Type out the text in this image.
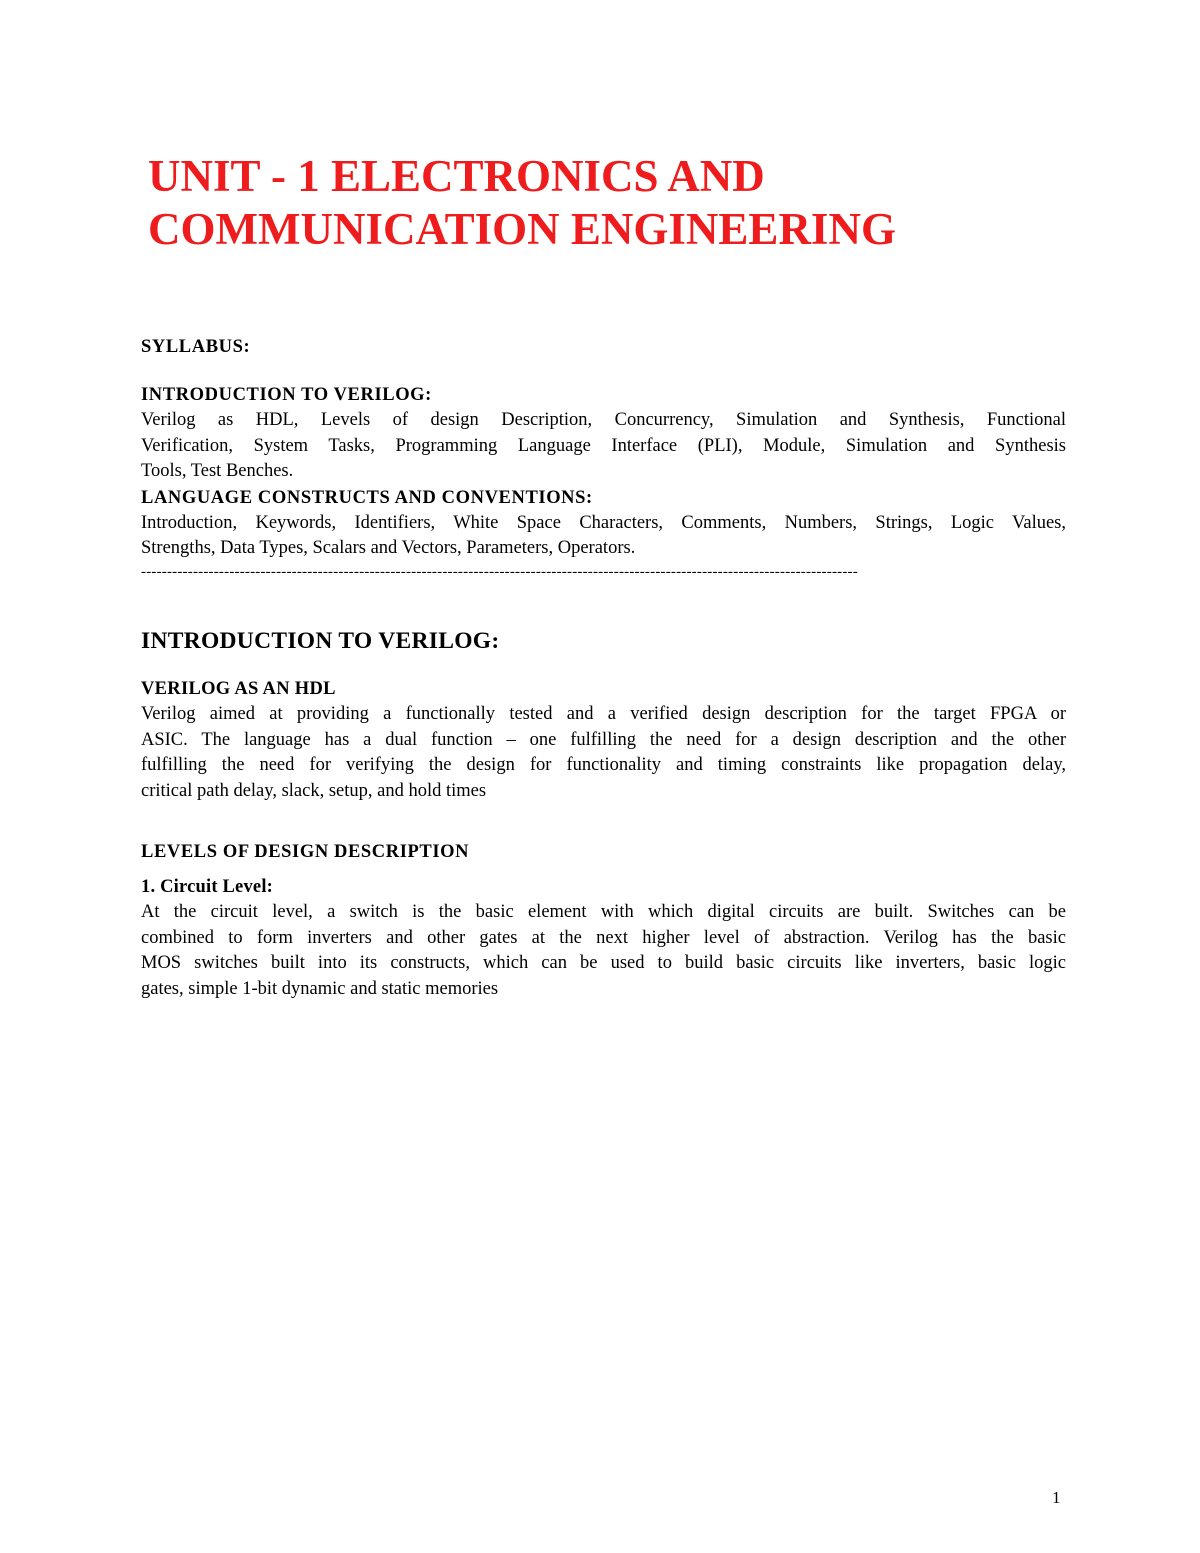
UNIT - 1 ELECTRONICS AND
COMMUNICATION ENGINEERING

SYLLABUS:

INTRODUCTION TO VERILOG:

Verilog as HDL, Levels of design Description, Concurrency, Simulation and Synthesis, Functional
Verification, System Tasks, Programming Language Interface (PLI), Module, Simulation and Synthesis
Tools, Test Benches.

LANGUAGE CONSTRUCTS AND CONVENTIONS:

Introduction, Keywords, Identifiers, White Space Characters, Comments, Numbers, Strings, Logic Values,
Strengths, Data Types, Scalars and Vectors, Parameters, Operators.

------------------------------------------------------------------------------------------------------------------------------------------

INTRODUCTION TO VERILOG:

VERILOG AS AN HDL

Verilog aimed at providing a functionally tested and a verified design description for the target FPGA or
ASIC. The language has a dual function – one fulfilling the need for a design description and the other
fulfilling the need for verifying the design for functionality and timing constraints like propagation delay,
critical path delay, slack, setup, and hold times

LEVELS OF DESIGN DESCRIPTION

1. Circuit Level:

At the circuit level, a switch is the basic element with which digital circuits are built. Switches can be
combined to form inverters and other gates at the next higher level of abstraction. Verilog has the basic
MOS switches built into its constructs, which can be used to build basic circuits like inverters, basic logic
gates, simple 1-bit dynamic and static memories

1
